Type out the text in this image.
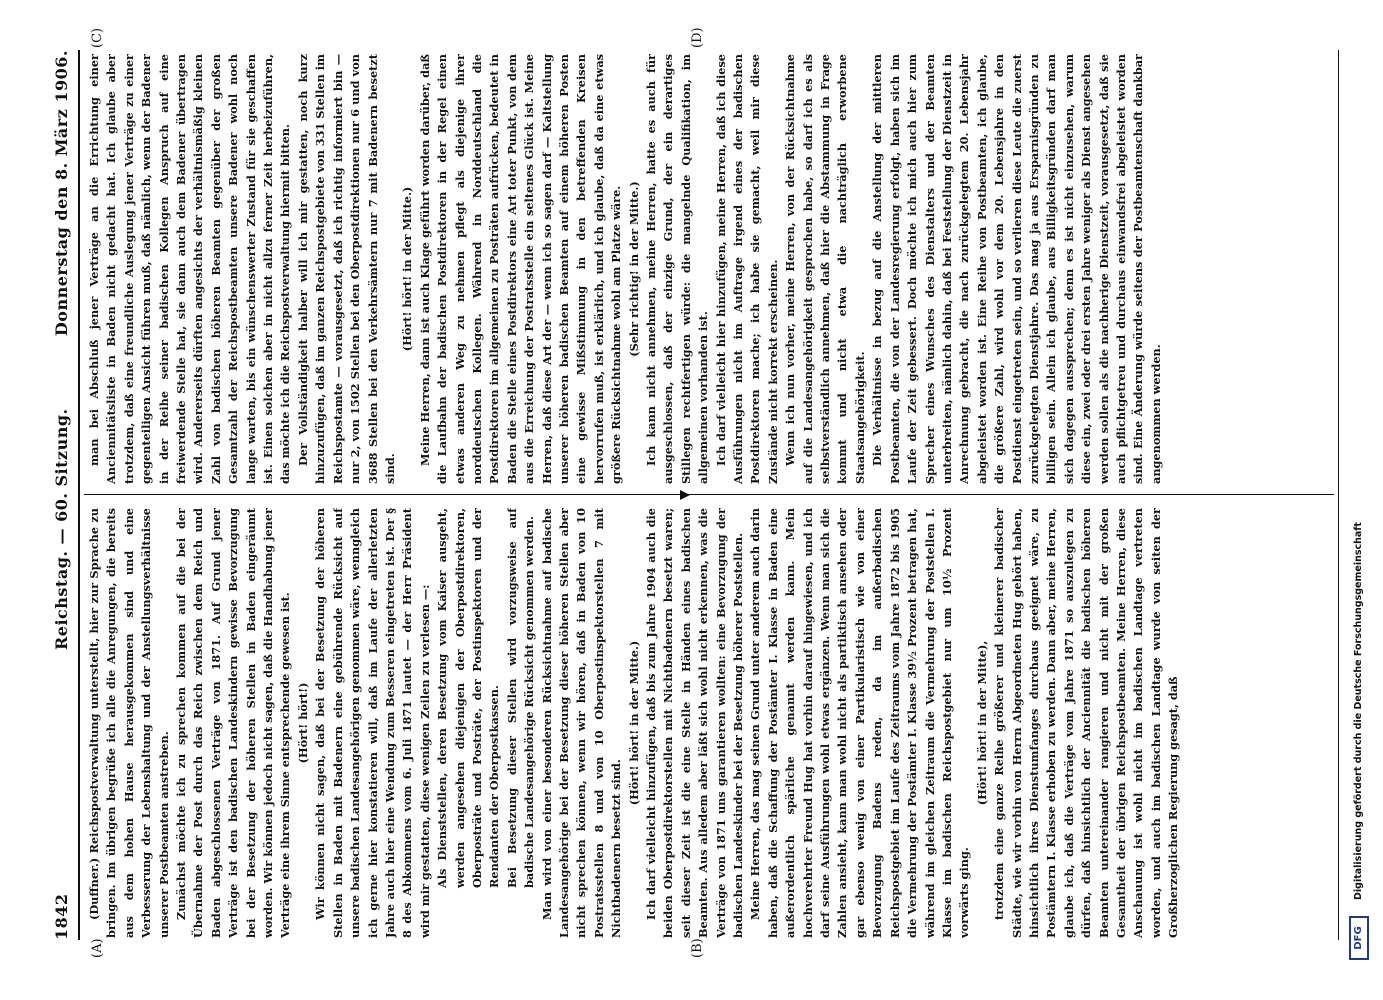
1842
Reichstag. — 60. Sitzung.
Donnerstag den 8. März 1906.
(A)	(B)
(C)	(D)

(Duffner.) Reichspostverwaltung unterstellt, hier zur Sprache zu bringen. Im übrigen begrüße ich alle die Anregungen, die bereits aus dem hohen Hause herausgekommen sind und eine Verbesserung der Lebenshaltung und der Anstellungsverhältnisse unserer Postbeamten anstreben. Zunächst möchte ich zu sprechen kommen auf die bei der Übernahme der Post durch das Reich zwischen dem Reich und Baden abgeschlossenen Verträge von 1871. Auf Grund jener Verträge ist den badischen Landeskindern gewisse Bevorzugung bei der Besetzung der höheren Stellen in Baden eingeräumt worden. Wir können jedoch nicht sagen, daß die Handhabung jener Verträge eine ihrem Sinne entsprechende gewesen ist. (Hört! hört!) Wir können nicht sagen, daß bei der Besetzung der höheren Stellen in Baden mit Badenern eine gebührende Rücksicht auf unsere badischen Landesangehörigen genommen wäre, wenngleich ich gerne hier konstatieren will, daß im Laufe der allerletzten Jahre auch hier eine Wendung zum Besseren eingetreten ist. Der § 8 des Abkommens vom 6. Juli 1871 lautet — der Herr Präsident wird mir gestatten, diese wenigen Zeilen zu verlesen —: Als Dienststellen, deren Besetzung vom Kaiser ausgeht, werden angesehen diejenigen der Oberpostdirektoren, Oberposträte und Posträte, der Postinspektoren und der Rendanten der Oberpostkassen. Bei Besetzung dieser Stellen wird vorzugsweise auf badische Landesangehörige Rücksicht genommen werden. Man wird von einer besonderen Rücksichtnahme auf badische Landesangehörige bei der Besetzung dieser höheren Stellen aber nicht sprechen können, wenn wir hören, daß in Baden von 10 Postratsstellen 8 und von 10 Oberpostinspektorstellen 7 mit Nichtbadenern besetzt sind.

(Hört! hört! in der Mitte.) Ich darf vielleicht hinzufügen, daß bis zum Jahre 1904 auch die beiden Oberpostdirektorstellen mit Nichtbadenern besetzt waren; seit dieser Zeit ist die eine Stelle in Händen eines badischen Beamten. Aus alledem aber läßt sich wohl nicht erkennen, was die Verträge von 1871 uns garantieren wollten: eine Bevorzugung der badischen Landeskinder bei der Besetzung höherer Poststellen. Meine Herren, das mag seinen Grund unter anderem auch darin haben, daß die Schaffung der Postämter I. Klasse in Baden eine außerordentlich spärliche genannt werden kann. Mein hochverehrter Freund Hug hat vorhin darauf hingewiesen, und ich darf seine Ausführungen wohl etwas ergänzen. Wenn man sich die Zahlen ansieht, kann man wohl nicht als partiktisch ansehen oder gar ebenso wenig von einer Partikularistisch wie von einer Bevorzugung Badens reden, da im außerbadischen Reichspostgebiet im Laufe des Zeitraums vom Jahre 1872 bis 1905 die Vermehrung der Postämter I. Klasse 39½ Prozent betragen hat, während im gleichen Zeitraum die Vermehrung der Poststellen I. Klasse im badischen Reichspostgebiet nur um 10½ Prozent vorwärts ging.

(Hört! hört! in der Mitte), trotzdem eine ganze Reihe größerer und kleinerer badischer Städte, wie wir vorhin von Herrn Abgeordneten Hug gehört haben, hinsichtlich ihres Dienstumfanges durchaus geeignet wäre, zu Postämtern I. Klasse erhoben zu werden. Dann aber, meine Herren, glaube ich, daß die Verträge vom Jahre 1871 so auszulegen zu dürfen, daß hinsichtlich der Anciennität die badischen höheren Beamten untereinander rangieren und nicht mit der großen Gesamtheit der übrigen Reichspostbeamten. Meine Herren, diese Anschauung ist wohl nicht im badischen Landtage vertreten worden, und auch im badischen Landtage wurde von seiten der Großherzoglichen Regierung gesagt, daß

man bei Abschluß jener Verträge an die Errichtung einer Anciennitätsliste in Baden nicht gedacht hat. Ich glaube aber trotzdem, daß eine freundliche Auslegung jener Verträge zu einer gegenteiligen Ansicht führen muß, daß nämlich, wenn der Badener in der Reihe seiner badischen Kollegen Anspruch auf eine freiwerdende Stelle hat, sie dann auch dem Badener übertragen wird. Andererseits dürften angesichts der verhältnismäßig kleinen Zahl von badischen höheren Beamten gegenüber der großen Gesamtzahl der Reichspostbeamten unsere Badener wohl noch lange warten, bis ein wünschenswerter Zustand für sie geschaffen ist. Einen solchen aber in nicht allzu ferner Zeit herbeizuführen, das möchte ich die Reichspostverwaltung hiermit bitten. Der Vollständigkeit halber will ich mir gestatten, noch kurz hinzuzufügen, daß im ganzen Reichspostgebiete von 331 Stellen im Reichspostamte — vorausgesetzt, daß ich richtig informiert bin — nur 2, von 1502 Stellen bei den Oberpostdirektionen nur 6 und von 3688 Stellen bei den Verkehrsämtern nur 7 mit Badenern besetzt sind.

(Hört! hört! in der Mitte.) Meine Herren, dann ist auch Klage geführt worden darüber, daß die Laufbahn der badischen Postdirektoren in der Regel einen etwas anderen Weg zu nehmen pflegt als diejenige ihrer norddeutschen Kollegen. Während in Norddeutschland die Postdirektoren im allgemeinen zu Posträten aufrücken, bedeutet in Baden die Stelle eines Postdirektors eine Art toter Punkt, von dem aus die Erreichung der Postratsstelle ein seltenes Glück ist. Meine Herren, daß diese Art der — wenn ich so sagen darf — Kaltstellung unserer höheren badischen Beamten auf einem höheren Posten eine gewisse Mißstimmung in den betreffenden Kreisen hervorrufen muß, ist erklärlich, und ich glaube, daß da eine etwas größere Rücksichtnahme wohl am Platze wäre. (Sehr richtig! in der Mitte.) Ich kann nicht annehmen, meine Herren, hatte es auch für ausgeschlossen, daß der einzige Grund, der ein derartiges Stillegen rechtfertigen würde: die mangelnde Qualifikation, im allgemeinen vorhanden ist. Ich darf vielleicht hier hinzufügen, meine Herren, daß ich diese Ausführungen nicht im Auftrage irgend eines der badischen Postdirektoren mache; ich habe sie gemacht, weil mir diese Zustände nicht korrekt erscheinen. Wenn ich nun vorher, meine Herren, von der Rücksichtnahme auf die Landesangehörigkeit gesprochen habe, so darf ich es als selbstverständlich annehmen, daß hier die Abstammung in Frage kommt und nicht etwa die nachträglich erworbene Staatsangehörigkeit. Die Verhältnisse in bezug auf die Anstellung der mittleren Postbeamten, die von der Landesregierung erfolgt, haben sich im Laufe der Zeit gebessert. Doch möchte ich mich auch hier zum Sprecher eines Wunsches des Dienstalters und der Beamten unterbreiten, nämlich dahin, daß bei Feststellung der Dienstzeit in Anrechnung gebracht, die nach zurückgelegtem 20. Lebensjahr abgeleistet worden ist. Eine Reihe von Postbeamten, ich glaube, die größere Zahl, wird wohl vor dem 20. Lebensjahre in den Postdienst eingetreten sein, und so verlieren diese Leute die zuerst zurückgelegten Dienstjahre. Das mag ja aus Ersparnisgründen zu billigen sein. Allein ich glaube, aus Billigkeitsgründen darf man sich dagegen aussprechen; denn es ist nicht einzusehen, warum diese ein, zwei oder drei ersten Jahre weniger als Dienst angesehen werden sollen als die nachherige Dienstzeit, vorausgesetzt, daß sie auch pflichtgetreu und durchaus einwandsfrei abgeleistet worden sind. Eine Änderung würde seitens der Postbeamtenschaft dankbar angenommen werden.

DFG
Digitalisierung gefördert durch die Deutsche Forschungsgemeinschaft
